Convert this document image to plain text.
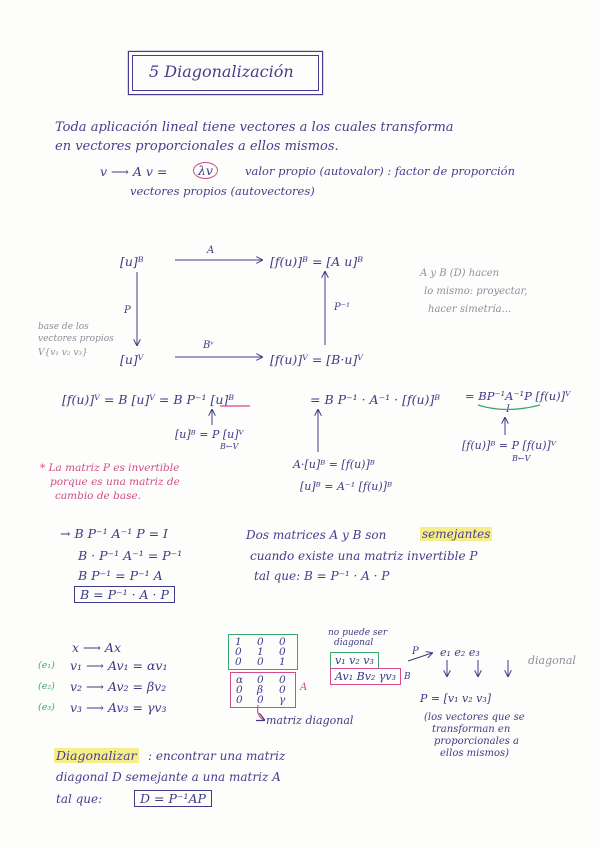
5 Diagonalización
Toda aplicación lineal tiene vectores a los cuales transforma
en vectores proporcionales a ellos mismos.
v ⟶ A v =	λv	valor propio (autovalor) : factor de proporción
vectores propios (autovectores)
[u]ᴮ
A
[f(u)]ᴮ = [A u]ᴮ
P	P⁻¹
[u]ⱽ
Bᵛ
[f(u)]ⱽ = [B·u]ⱽ
A y B (D) hacen
lo mismo: proyectar,
hacer simetría...
base de los
vectores propios
V{v₁ v₂ v₃}
[f(u)]ⱽ = B [u]ⱽ = B P⁻¹ [u]ᴮ	= B P⁻¹ · A⁻¹ · [f(u)]ᴮ = BP⁻¹A⁻¹P [f(u)]ⱽ
I
[u]ᴮ = P [u]ⱽ
B←V
A·[u]ᴮ = [f(u)]ᴮ
[u]ᴮ = A⁻¹ [f(u)]ᴮ
[f(u)]ᴮ = P [f(u)]ⱽ
B←V
* La matriz P es invertible
porque es una matriz de
cambio de base.
→ B P⁻¹ A⁻¹ P = I
B · P⁻¹ A⁻¹ = P⁻¹
B P⁻¹ = P⁻¹ A
B = P⁻¹ · A · P
Dos matrices A y B son	semejantes
cuando existe una matriz invertible P
tal que: B = P⁻¹ · A · P
x ⟶ Ax
(e₁) v₁ ⟶ Av₁ = αv₁
(e₂) v₂ ⟶ Av₂ = βv₂
(e₃) v₃ ⟶ Av₃ = γv₃
1 0 0
0 1 0
0 0 1
α 0 0
0 β 0
0 0 γ
A
matriz diagonal
no puede ser
diagonal
v₁ v₂ v₃
Av₁ Bv₂ γv₃
P
B
e₁ e₂ e₃
diagonal
P = [v₁ v₂ v₃]
(los vectores que se
transforman en
proporcionales a
ellos mismos)
Diagonalizar : encontrar una matriz
diagonal D semejante a una matriz A
tal que:	D = P⁻¹AP
